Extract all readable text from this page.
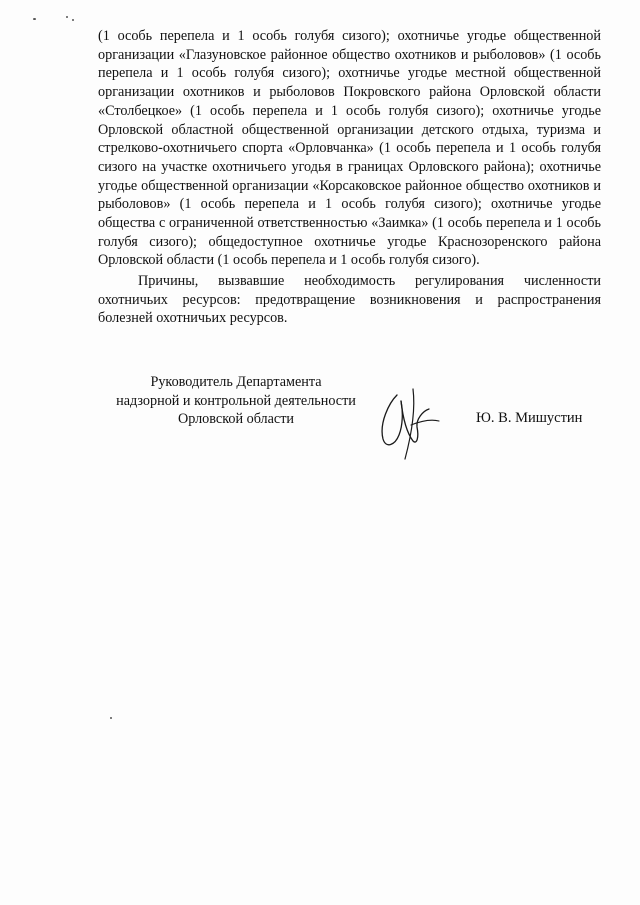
(1 особь перепела и 1 особь голубя сизого); охотничье угодье общественной организации «Глазуновское районное общество охотников и рыболовов» (1 особь перепела и 1 особь голубя сизого); охотничье угодье местной общественной организации охотников и рыболовов Покровского района Орловской области «Столбецкое» (1 особь перепела и 1 особь голубя сизого); охотничье угодье Орловской областной общественной организации детского отдыха, туризма и стрелково-охотничьего спорта «Орловчанка» (1 особь перепела и 1 особь голубя сизого на участке охотничьего угодья в границах Орловского района); охотничье угодье общественной организации «Корсаковское районное общество охотников и рыболовов» (1 особь перепела и 1 особь голубя сизого); охотничье угодье общества с ограниченной ответственностью «Заимка» (1 особь перепела и 1 особь голубя сизого); общедоступное охотничье угодье Краснозоренского района Орловской области (1 особь перепела и 1 особь голубя сизого).

Причины, вызвавшие необходимость регулирования численности охотничьих ресурсов: предотвращение возникновения и распространения болезней охотничьих ресурсов.

Руководитель Департамента
надзорной и контрольной деятельности
Орловской области	Ю. В. Мишустин
